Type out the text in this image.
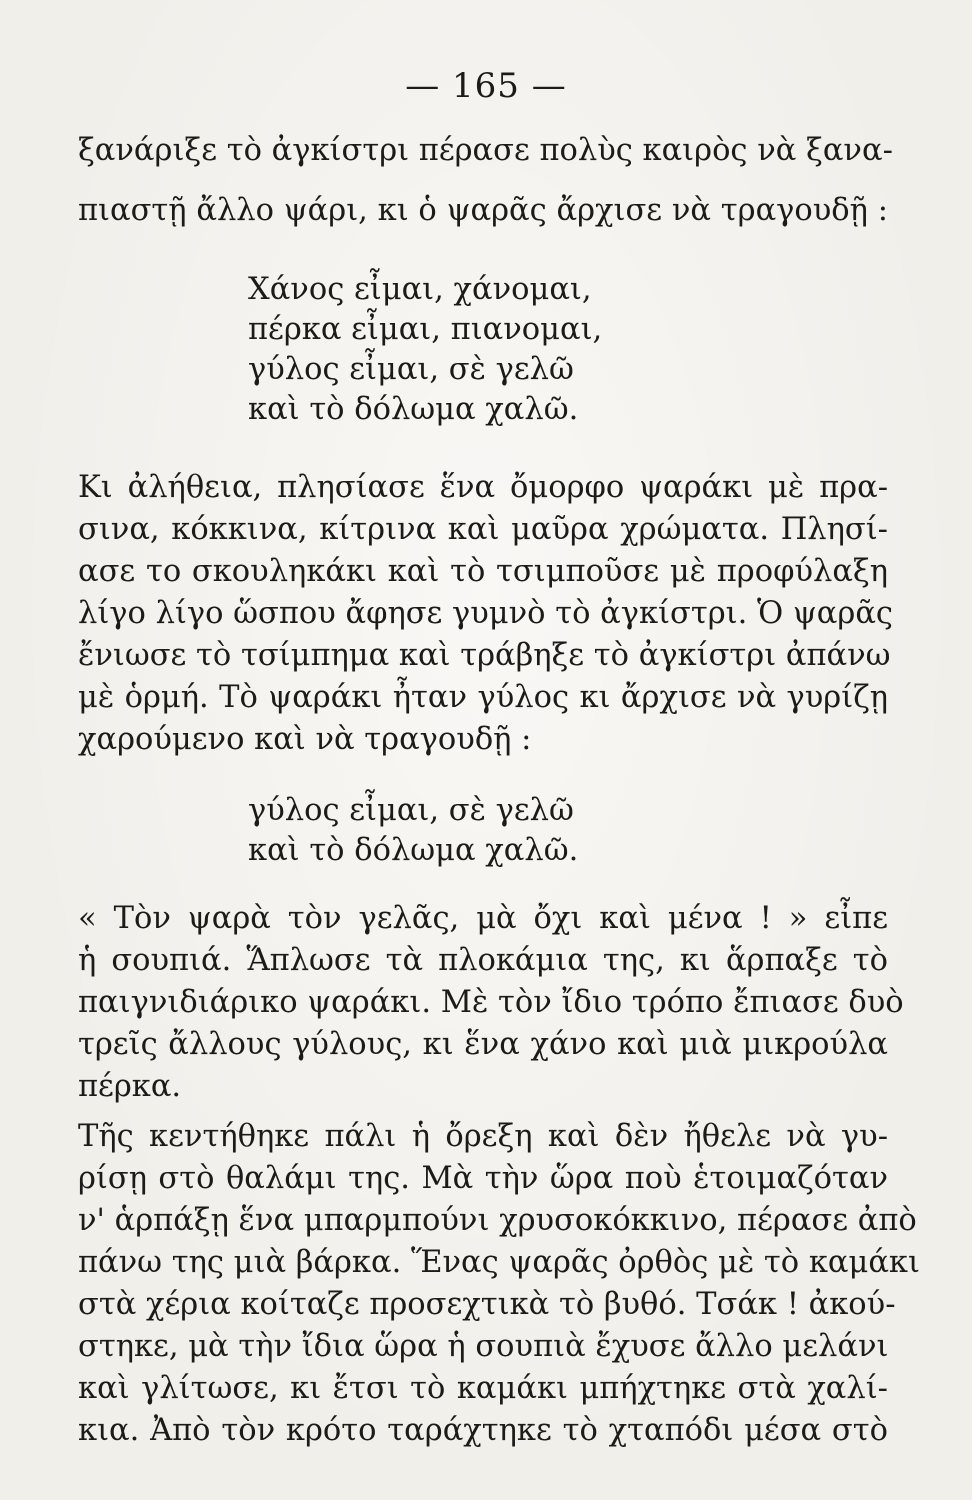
— 165 —
ξανάριξε τὸ ἀγκίστρι πέρασε πολὺς καιρὸς νὰ ξανα-
πιαστῇ ἄλλο ψάρι, κι ὁ ψαρᾶς ἄρχισε νὰ τραγουδῇ :
Χάνος εἶμαι, χάνομαι,
πέρκα εἶμαι, πιανομαι,
γύλος εἶμαι, σὲ γελῶ
καὶ τὸ δόλωμα χαλῶ.
Κι ἀλήθεια, πλησίασε ἕνα ὄμορφο ψαράκι μὲ πρα-
σινα, κόκκινα, κίτρινα καὶ μαῦρα χρώματα. Πλησί-
ασε το σκουληκάκι καὶ τὸ τσιμποῦσε μὲ προφύλαξη
λίγο λίγο ὥσπου ἄφησε γυμνὸ τὸ ἀγκίστρι. Ὁ ψαρᾶς
ἔνιωσε τὸ τσίμπημα καὶ τράβηξε τὸ ἀγκίστρι ἀπάνω
μὲ ὁρμή. Τὸ ψαράκι ἦταν γύλος κι ἄρχισε νὰ γυρίζῃ
χαρούμενο καὶ νὰ τραγουδῇ :
γύλος εἶμαι, σὲ γελῶ
καὶ τὸ δόλωμα χαλῶ.
« Τὸν ψαρὰ τὸν γελᾶς, μὰ ὄχι καὶ μένα ! » εἶπε
ἡ σουπιά. Ἅπλωσε τὰ πλοκάμια της, κι ἅρπαξε τὸ
παιγνιδιάρικο ψαράκι. Μὲ τὸν ἴδιο τρόπο ἔπιασε δυὸ
τρεῖς ἄλλους γύλους, κι ἕνα χάνο καὶ μιὰ μικρούλα
πέρκα.
Τῆς κεντήθηκε πάλι ἡ ὄρεξη καὶ δὲν ἤθελε νὰ γυ-
ρίσῃ στὸ θαλάμι της. Μὰ τὴν ὥρα ποὺ ἑτοιμαζόταν
ν' ἁρπάξῃ ἕνα μπαρμπούνι χρυσοκόκκινο, πέρασε ἀπὸ
πάνω της μιὰ βάρκα. Ἕνας ψαρᾶς ὀρθὸς μὲ τὸ καμάκι
στὰ χέρια κοίταζε προσεχτικὰ τὸ βυθό. Τσάκ ! ἀκού-
στηκε, μὰ τὴν ἴδια ὥρα ἡ σουπιὰ ἔχυσε ἄλλο μελάνι
καὶ γλίτωσε, κι ἔτσι τὸ καμάκι μπήχτηκε στὰ χαλί-
κια. Ἀπὸ τὸν κρότο ταράχτηκε τὸ χταπόδι μέσα στὸ
